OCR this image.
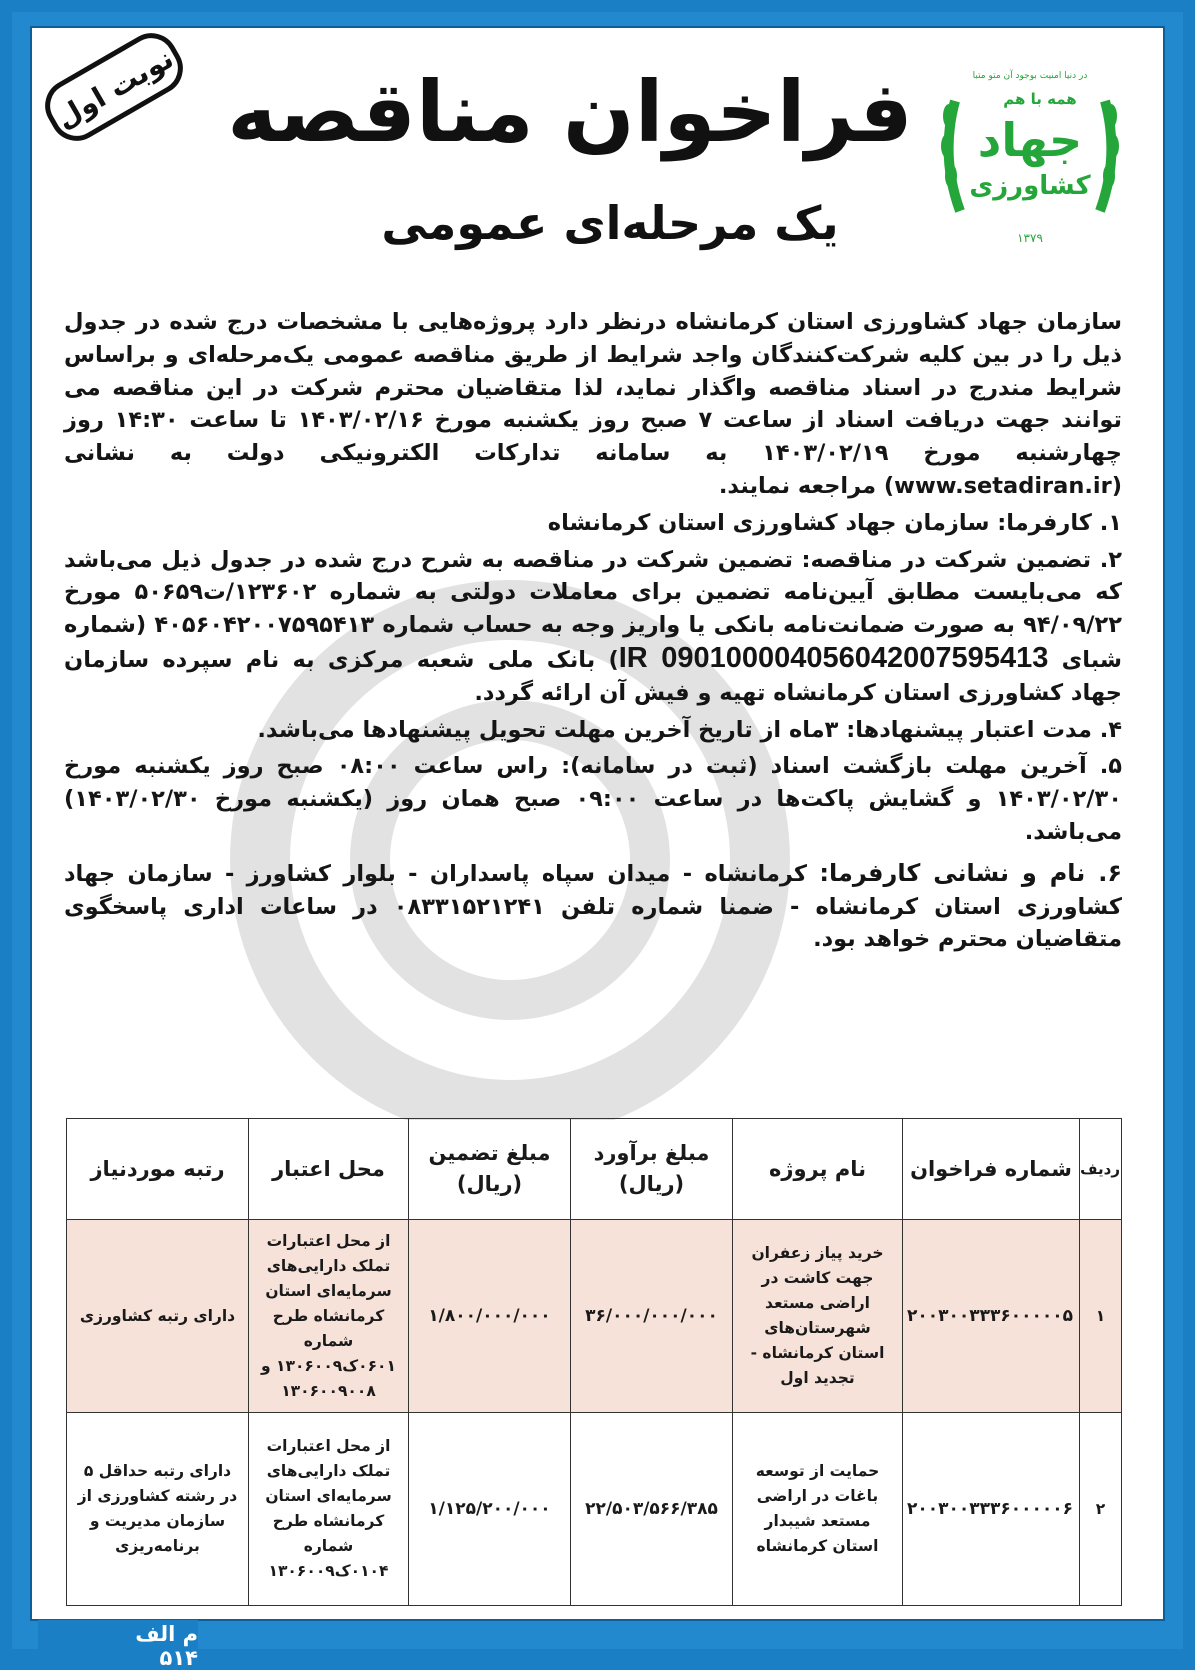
نوبت اول	در دنیا امنیت بوجود آن متو متبا
همه با هم
جهاد
کشاورزی
۱۳۷۹
فراخوان مناقصه
یک مرحله‌ای عمومی

سازمان جهاد کشاورزی استان کرمانشاه درنظر دارد پروژه‌هایی با مشخصات درج شده در جدول ذیل را در بین کلیه شرکت‌کنندگان واجد شرایط از طریق مناقصه عمومی یک‌مرحله‌ای و براساس شرایط مندرج در اسناد مناقصه واگذار نماید، لذا متقاضیان محترم شرکت در این مناقصه می توانند جهت دریافت اسناد از ساعت ۷ صبح روز یکشنبه مورخ ۱۴۰۳/۰۲/۱۶ تا ساعت ۱۴:۳۰ روز چهارشنبه مورخ ۱۴۰۳/۰۲/۱۹ به سامانه تدارکات الکترونیکی دولت به نشانی (www.setadiran.ir) مراجعه نمایند.

۱. کارفرما: سازمان جهاد کشاورزی استان کرمانشاه

۲. تضمین شرکت در مناقصه: تضمین شرکت در مناقصه به شرح درج شده در جدول ذیل می‌باشد که می‌بایست مطابق آیین‌نامه تضمین برای معاملات دولتی به شماره ۱۲۳۶۰۲/ت۵۰۶۵۹ مورخ ۹۴/۰۹/۲۲ به صورت ضمانت‌نامه بانکی یا واریز وجه به حساب شماره ۴۰۵۶۰۴۲۰۰۷۵۹۵۴۱۳ (شماره شبای IR 090100004056042007595413) بانک ملی شعبه مرکزی به نام سپرده سازمان جهاد کشاورزی استان کرمانشاه تهیه و فیش آن ارائه گردد.

۴. مدت اعتبار پیشنهادها: ۳ماه از تاریخ آخرین مهلت تحویل پیشنهادها می‌باشد.

۵. آخرین مهلت بازگشت اسناد (ثبت در سامانه): راس ساعت ۰۸:۰۰ صبح روز یکشنبه مورخ ۱۴۰۳/۰۲/۳۰ و گشایش پاکت‌ها در ساعت ۰۹:۰۰ صبح همان روز (یکشنبه مورخ ۱۴۰۳/۰۲/۳۰) می‌باشد.

۶. نام و نشانی کارفرما: کرمانشاه - میدان سپاه پاسداران - بلوار کشاورز - سازمان جهاد کشاورزی استان کرمانشاه - ضمنا شماره تلفن ۰۸۳۳۱۵۲۱۲۴۱ در ساعات اداری پاسخگوی متقاضیان محترم خواهد بود.

ردیف	شماره فراخوان	نام پروژه	مبلغ برآورد (ریال)	مبلغ تضمین (ریال)	محل اعتبار	رتبه موردنیاز
۱	۲۰۰۳۰۰۳۳۳۶۰۰۰۰۰۵	خرید پیاز زعفران جهت کاشت در اراضی مستعد شهرستان‌های استان کرمانشاه - تجدید اول	۳۶/۰۰۰/۰۰۰/۰۰۰	۱/۸۰۰/۰۰۰/۰۰۰	از محل اعتبارات تملک دارایی‌های سرمایه‌ای استان کرمانشاه طرح شماره ۰۶۰۱ک۱۳۰۶۰۰۹ و ۱۳۰۶۰۰۹۰۰۸	دارای رتبه کشاورزی
۲	۲۰۰۳۰۰۳۳۳۶۰۰۰۰۰۶	حمایت از توسعه باغات در اراضی مستعد شیبدار استان کرمانشاه	۲۲/۵۰۳/۵۶۶/۳۸۵	۱/۱۲۵/۲۰۰/۰۰۰	از محل اعتبارات تملک دارایی‌های سرمایه‌ای استان کرمانشاه طرح شماره ۰۱۰۴ک۱۳۰۶۰۰۹	دارای رتبه حداقل ۵ در رشته کشاورزی از سازمان مدیریت و برنامه‌ریزی
م الف ۵۱۴
